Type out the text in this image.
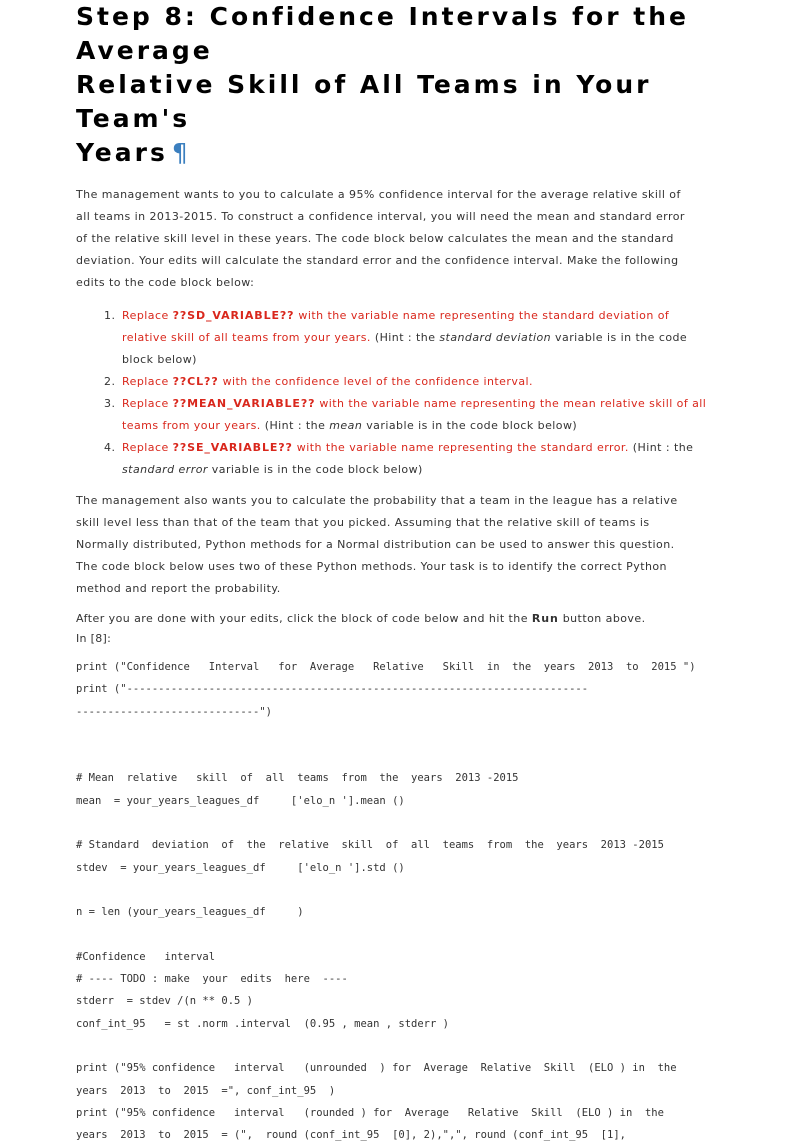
Step 8: Confidence Intervals for the Average
Relative Skill of All Teams in Your Team's
Years ¶

The management wants to you to calculate a 95% confidence interval for the average relative skill of

all teams in 2013-2015. To construct a confidence interval, you will need the mean and standard error

of the relative skill level in these years. The code block below calculates the mean and the standard

deviation. Your edits will calculate the standard error and the confidence interval. Make the following

edits to the code block below:

1. Replace ??SD_VARIABLE?? with the variable name representing the standard deviation of
relative skill of all teams from your years. (Hint : the standard deviation variable is in the code
block below)
2. Replace ??CL?? with the confidence level of the confidence interval.
3. Replace ??MEAN_VARIABLE?? with the variable name representing the mean relative skill of all
teams from your years. (Hint : the mean variable is in the code block below)
4. Replace ??SE_VARIABLE?? with the variable name representing the standard error. (Hint : the
standard error variable is in the code block below)

The management also wants you to calculate the probability that a team in the league has a relative

skill level less than that of the team that you picked. Assuming that the relative skill of teams is

Normally distributed, Python methods for a Normal distribution can be used to answer this question.

The code block below uses two of these Python methods. Your task is to identify the correct Python

method and report the probability.

After you are done with your edits, click the block of code below and hit the Run button above.

In [8]:
print ("Confidence   Interval   for  Average   Relative   Skill  in  the  years  2013  to  2015 ")
print ("-------------------------------------------------------------------------
-----------------------------")
# Mean  relative   skill  of  all  teams  from  the  years  2013 -2015
mean  = your_years_leagues_df     ['elo_n '].mean ()
# Standard  deviation  of  the  relative  skill  of  all  teams  from  the  years  2013 -2015
stdev  = your_years_leagues_df     ['elo_n '].std ()
n = len (your_years_leagues_df     )
#Confidence   interval
# ---- TODO : make  your  edits  here  ----
stderr  = stdev /(n ** 0.5 )
conf_int_95   = st .norm .interval  (0.95 , mean , stderr )
print ("95% confidence   interval   (unrounded  ) for  Average  Relative  Skill  (ELO ) in  the
years  2013  to  2015  =", conf_int_95  )
print ("95% confidence   interval   (rounded ) for  Average   Relative  Skill  (ELO ) in  the
years  2013  to  2015  = (",  round (conf_int_95  [0], 2),",", round (conf_int_95  [1],
